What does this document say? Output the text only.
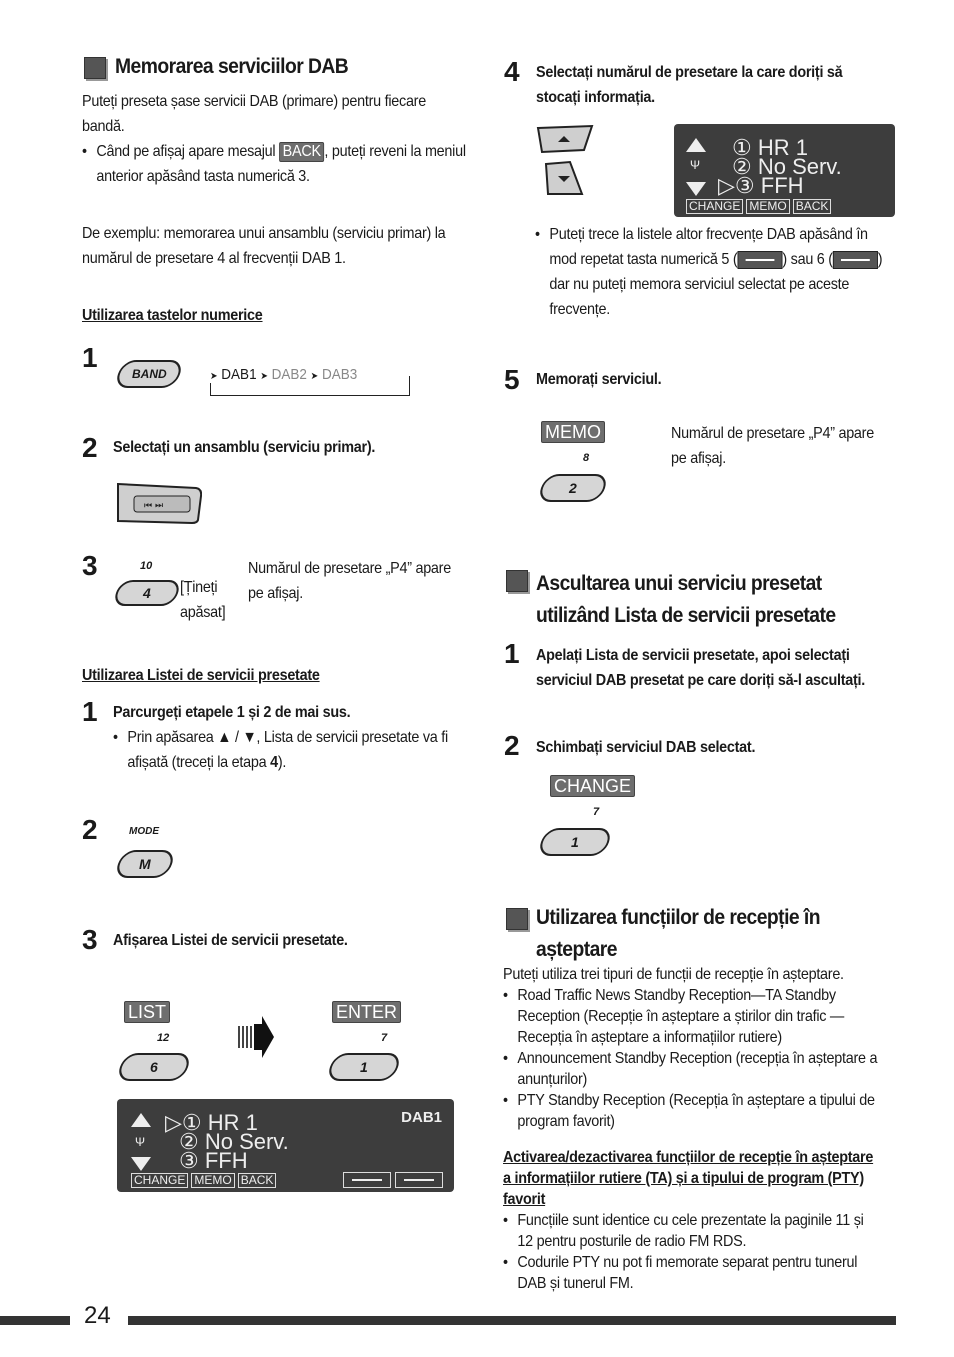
Memorarea serviciilor DAB
Puteți preseta șase servicii DAB (primare) pentru fiecare bandă.
• Când pe afișaj apare mesajul BACK , puteți reveni la meniul anterior apăsând tasta numerică 3.
De exemplu: memorarea unui ansamblu (serviciu primar) la numărul de presetare 4 al frecvenții DAB 1.
Utilizarea tastelor numerice
1
BAND	➤ DAB1 ➤ DAB2 ➤ DAB3
2 Selectați un ansamblu (serviciu primar).
⏮︎ ⏭︎
3	10
4	[Țineți apăsat]
Numărul de presetare „P4” apare pe afișaj.
Utilizarea Listei de servicii presetate
1 Parcurgeți etapele 1 și 2 de mai sus.
• Prin apăsarea ▲ / ▼, Lista de servicii presetate va fi afișată (treceți la etapa 4).
2	MODE
M
3 Afișarea Listei de servicii presetate.
LIST
12
6
ENTER
7
1
Ψ
▷① HR 1
② No Serv.
③ FFH
DAB1
CHANGE MEMO BACK
4 Selectați numărul de presetare la care doriți să stocați informația.
Ψ
① HR 1
② No Serv.
▷③ FFH
CHANGE MEMO BACK
• Puteți trece la listele altor frecvențe DAB apăsând în mod repetat tasta numerică 5 (	) sau 6 (	) dar nu puteți memora serviciul selectat pe aceste frecvențe.
5 Memorați serviciul.
MEMO
8
2
Numărul de presetare „P4” apare pe afișaj.
Ascultarea unui serviciu presetat
utilizând Lista de servicii presetate
1 Apelați Lista de servicii presetate, apoi selectați serviciul DAB presetat pe care doriți să-l ascultați.
2 Schimbați serviciul DAB selectat.
CHANGE
7
1
Utilizarea funcțiilor de recepție în
așteptare
Puteți utiliza trei tipuri de funcții de recepție în așteptare.
• Road Traffic News Standby Reception—TA Standby Reception (Recepție în așteptare a știrilor din trafic — Recepția în așteptare a informațiilor rutiere)
• Announcement Standby Reception (recepția în așteptare a anunțurilor)
• PTY Standby Reception (Recepția în așteptare a tipului de program favorit)
Activarea/dezactivarea funcțiilor de recepție în așteptare a informațiilor rutiere (TA) și a tipului de program (PTY) favorit
• Funcțiile sunt identice cu cele prezentate la paginile 11 și 12 pentru posturile de radio FM RDS.
• Codurile PTY nu pot fi memorate separat pentru tunerul DAB și tunerul FM.
24
